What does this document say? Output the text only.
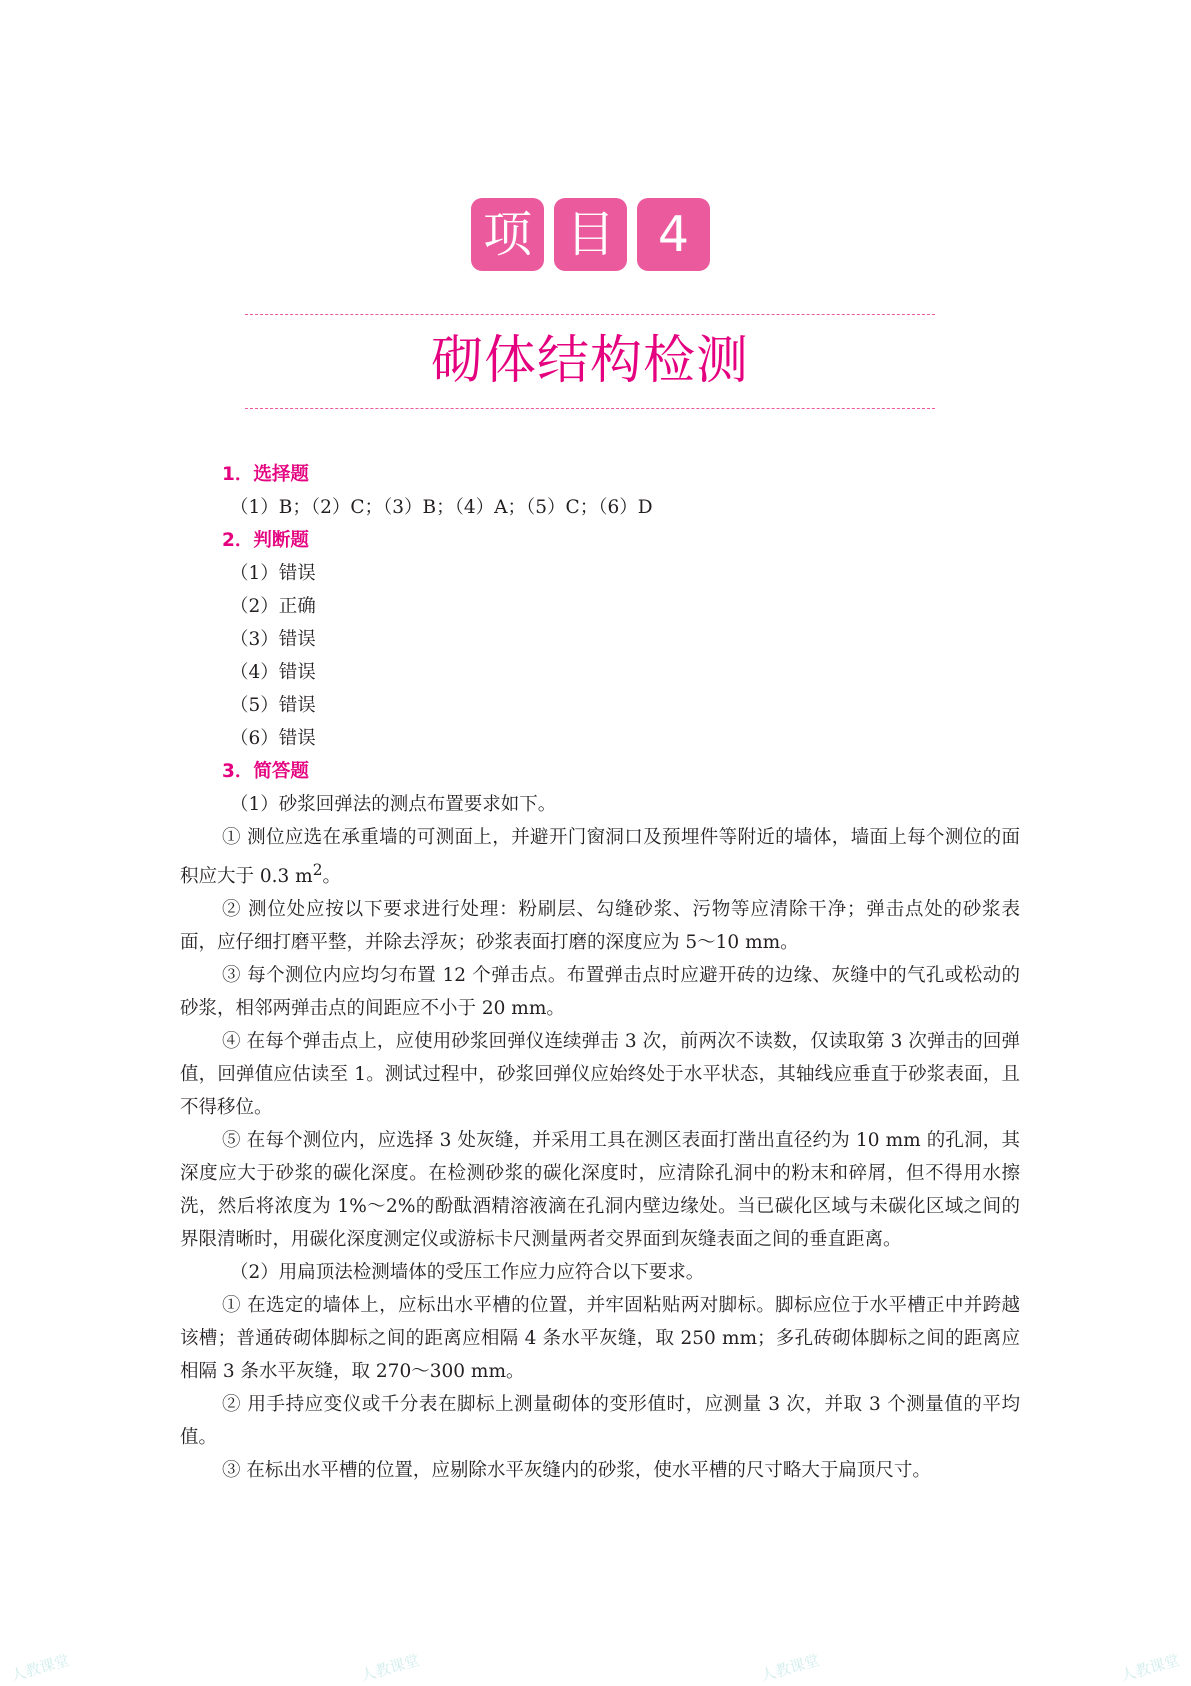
项 目 4
砌体结构检测

1．选择题

（1）B；（2）C；（3）B；（4）A；（5）C；（6）D

2．判断题

（1）错误

（2）正确

（3）错误

（4）错误

（5）错误

（6）错误

3．简答题

（1）砂浆回弹法的测点布置要求如下。

① 测位应选在承重墙的可测面上，并避开门窗洞口及预埋件等附近的墙体，墙面上每个测位的面积应大于 0.3 $m^2$。

② 测位处应按以下要求进行处理：粉刷层、勾缝砂浆、污物等应清除干净；弹击点处的砂浆表面，应仔细打磨平整，并除去浮灰；砂浆表面打磨的深度应为 5～10 mm。

③ 每个测位内应均匀布置 12 个弹击点。布置弹击点时应避开砖的边缘、灰缝中的气孔或松动的砂浆，相邻两弹击点的间距应不小于 20 mm。

④ 在每个弹击点上，应使用砂浆回弹仪连续弹击 3 次，前两次不读数，仅读取第 3 次弹击的回弹值，回弹值应估读至 1。测试过程中，砂浆回弹仪应始终处于水平状态，其轴线应垂直于砂浆表面，且不得移位。

⑤ 在每个测位内，应选择 3 处灰缝，并采用工具在测区表面打凿出直径约为 10 mm 的孔洞，其深度应大于砂浆的碳化深度。在检测砂浆的碳化深度时，应清除孔洞中的粉末和碎屑，但不得用水擦洗，然后将浓度为 1%～2%的酚酞酒精溶液滴在孔洞内壁边缘处。当已碳化区域与未碳化区域之间的界限清晰时，用碳化深度测定仪或游标卡尺测量两者交界面到灰缝表面之间的垂直距离。

（2）用扁顶法检测墙体的受压工作应力应符合以下要求。

① 在选定的墙体上，应标出水平槽的位置，并牢固粘贴两对脚标。脚标应位于水平槽正中并跨越该槽；普通砖砌体脚标之间的距离应相隔 4 条水平灰缝，取 250 mm；多孔砖砌体脚标之间的距离应相隔 3 条水平灰缝，取 270～300 mm。

② 用手持应变仪或千分表在脚标上测量砌体的变形值时，应测量 3 次，并取 3 个测量值的平均值。

③ 在标出水平槽的位置，应剔除水平灰缝内的砂浆，使水平槽的尺寸略大于扁顶尺寸。

人教课堂	人教课堂	人教课堂	人教课堂
